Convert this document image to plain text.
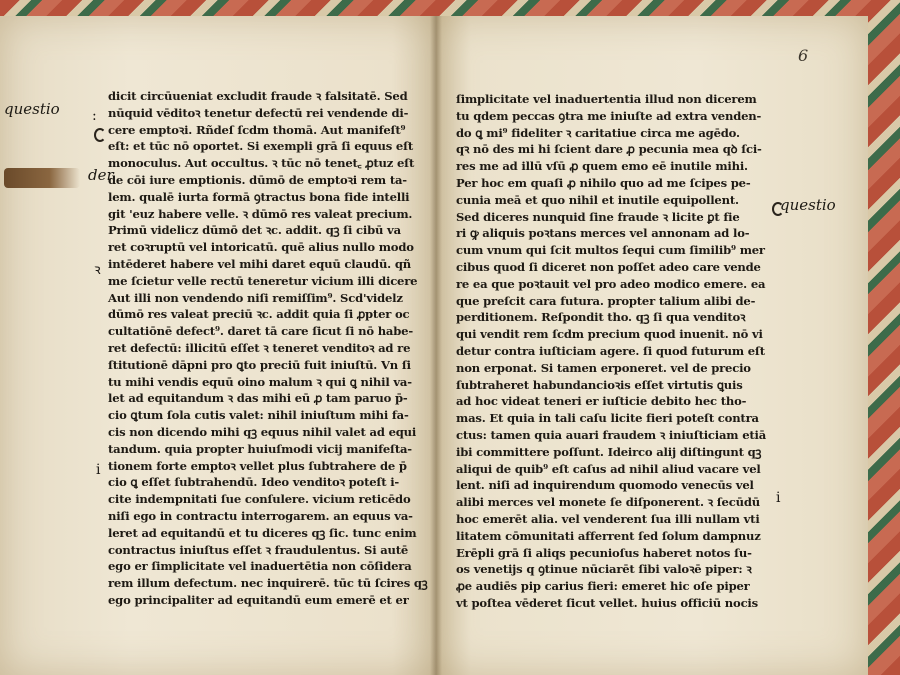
questio
der
:
ꝛ
i
dicit circūueniat excludit fraude ꝛ falsitatē. Sed
nūquid vēditoꝛ tenetur defectū rei vendende di-
cere emptoꝛi. Rñdeſ ſcdm thomā. Aut manifeſt⁹
eſt: et tūc nō oportet. Si exempli grā ſi equus eſt
monoculus. Aut occultus. ꝛ tūc nō tenet꜀ ꝓtuz eſt
de cōi iure emptionis. dūmō de emptoꝛi rem ta-
lem. qualē iurta formā ꝯtractus bona fide intelli
git 'euz habere velle. ꝛ dūmō res valeat precium.
Primū videlicz dūmō det ꝛc. addit. qꝫ ſi cibū va
ret coꝛruptū vel intoricatū. quē alius nullo modo
intēderet habere vel mihi daret equū claudū. qñ
me ſcietur velle rectū teneretur vicium illi dicere
Aut illi non vendendo niſi remiſſim⁹. Scd'videlz
dūmō res valeat preciū ꝛc. addit quia ſi ꝓpter oc
cultatiōnē defect⁹. daret tā care ſicut ſi nō habe-
ret defectū: illicitū eſſet ꝛ teneret venditoꝛ ad re
ſtitutionē dāpni pro ꝗto preciū fuit iniuſtū. Vn ſi
tu mihi vendis equū oino malum ꝛ qui ꝗ nihil va-
let ad equitandum ꝛ das mihi eū ꝓ tam paruo p̄-
cio ꝗtum ſola cutis valet: nihil iniuſtum mihi fa-
cis non dicendo mihi qꝫ equus nihil valet ad equi
tandum. quia propter huiuſmodi vicij manifeſta-
tionem forte emptoꝛ vellet plus ſubtrahere de p̄
cio ꝗ eſſet ſubtrahendū. Ideo venditoꝛ poteſt i-
cite indempnitati ſue conſulere. vicium reticēdo
niſi ego in contractu interrogarem. an equus va-
leret ad equitandū et tu diceres qꝫ ſic. tunc enim
contractus iniuſtus eſſet ꝛ fraudulentus. Si autē
ego er ſimplicitate vel inaduertētia non cōſidera
rem illum defectum. nec inquirerē. tūc tū ſcires qꝫ
ego principaliter ad equitandū eum emerē et er
6
questio
i
ſimplicitate vel inaduertentia illud non dicerem
tu qdem peccas ꝯtra me iniuſte ad extra venden-
do ꝗ mi⁹ fideliter ꝛ caritatiue circa me agēdo.
qꝛ nō des mi hi ſcient dare ꝓ pecunia mea qꝺ ſci-
res me ad illū vſū ꝓ quem emo eē inutile mihi.
Per hoc em quaſi ꝓ nihilo quo ad me ſcipes pe-
cunia meā et quo nihil et inutile equipollent.
Sed diceres nunquid ſine fraude ꝛ licite ꝑt fie
ri ꝙ aliquis poꝛtans merces vel annonam ad lo-
cum vnum qui ſcit multos ſequi cum ſimilib⁹ mer
cibus quod ſi diceret non poſſet adeo care vende
re ea que poꝛtauit vel pro adeo modico emere. ea
que preſcit cara futura. propter talium alibi de-
perditionem. Reſpondit tho. qꝫ ſi qua venditoꝛ
qui vendit rem ſcdm precium quod inuenit. nō vi
detur contra iuſticiam agere. ſi quod futurum eſt
non erponat. Si tamen erponeret. vel de precio
ſubtraheret habundancioꝛis eſſet virtutis ꝗuis
ad hoc videat teneri er iuſticie debito hec tho-
mas. Et quia in tali caſu licite fieri poteſt contra
ctus: tamen quia auari fraudem ꝛ iniuſticiam etiā
ibi committere poſſunt. Ideirco alij diſtingunt qꝫ
aliqui de quib⁹ eſt caſus ad nihil aliud vacare vel
lent. niſi ad inquirendum quomodo venecūs vel
alibi merces vel monete ſe diſponerent. ꝛ ſecūdū
hoc emerēt alia. vel venderent ſua illi nullam vti
litatem cōmunitati afferrent ſed ſolum dampnuz
Erēpli grā ſi aliqs pecunioſus haberet notos ſu-
os venetijs q ꝯtinue nūciarēt ſibi valoꝛē piper: ꝛ
ꝓe audiēs pip carius fieri: emeret hic oſe piper
vt poſtea vēderet ſicut vellet. huius officiū nocis
